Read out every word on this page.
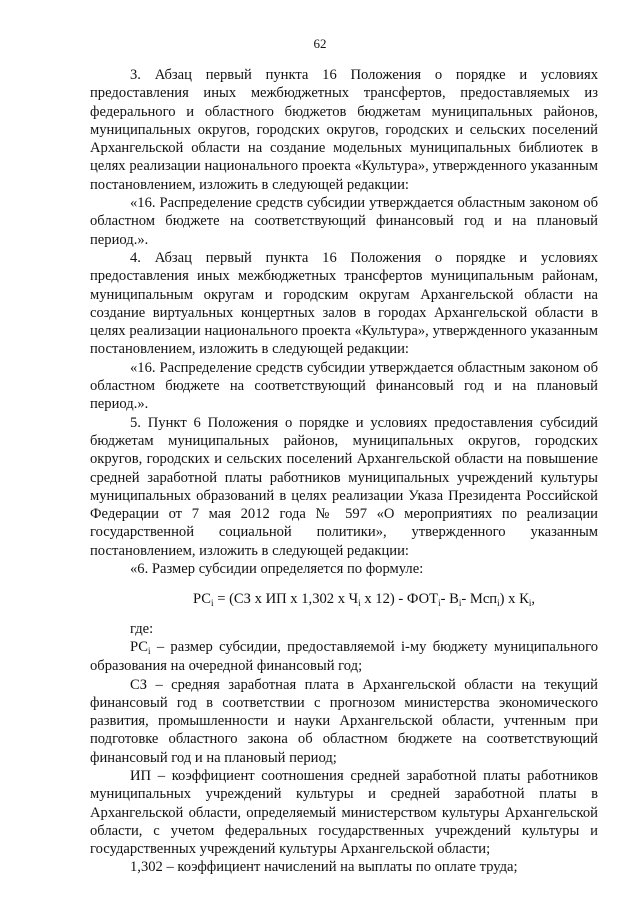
62

3. Абзац первый пункта 16 Положения о порядке и условиях предоставления иных межбюджетных трансфертов, предоставляемых из федерального и областного бюджетов бюджетам муниципальных районов, муниципальных округов, городских округов, городских и сельских поселений Архангельской области на создание модельных муниципальных библиотек в целях реализации национального проекта «Культура», утвержденного указанным постановлением, изложить в следующей редакции:

«16. Распределение средств субсидии утверждается областным законом об областном бюджете на соответствующий финансовый год и на плановый период.».

4. Абзац первый пункта 16 Положения о порядке и условиях предоставления иных межбюджетных трансфертов муниципальным районам, муниципальным округам и городским округам Архангельской области на создание виртуальных концертных залов в городах Архангельской области в целях реализации национального проекта «Культура», утвержденного указанным постановлением, изложить в следующей редакции:

«16. Распределение средств субсидии утверждается областным законом об областном бюджете на соответствующий финансовый год и на плановый период.».

5. Пункт 6 Положения о порядке и условиях предоставления субсидий бюджетам муниципальных районов, муниципальных округов, городских округов, городских и сельских поселений Архангельской области на повышение средней заработной платы работников муниципальных учреждений культуры муниципальных образований в целях реализации Указа Президента Российской Федерации от 7 мая 2012 года № 597 «О мероприятиях по реализации государственной социальной политики», утвержденного указанным постановлением, изложить в следующей редакции:

«6. Размер субсидии определяется по формуле:

$РС_i = (СЗ$ х ИП х 1,302 х $Ч_i$ х $12) - ФОТ_i-$ $В_i-$ Мсп$_i$) х $К_i$,

где:

$РС_i$ – размер субсидии, предоставляемой i-му бюджету муниципального образования на очередной финансовый год;

СЗ – средняя заработная плата в Архангельской области на текущий финансовый год в соответствии с прогнозом министерства экономического развития, промышленности и науки Архангельской области, учтенным при подготовке областного закона об областном бюджете на соответствующий финансовый год и на плановый период;

ИП – коэффициент соотношения средней заработной платы работников муниципальных учреждений культуры и средней заработной платы в Архангельской области, определяемый министерством культуры Архангельской области, с учетом федеральных государственных учреждений культуры и государственных учреждений культуры Архангельской области;

1,302 – коэффициент начислений на выплаты по оплате труда;
